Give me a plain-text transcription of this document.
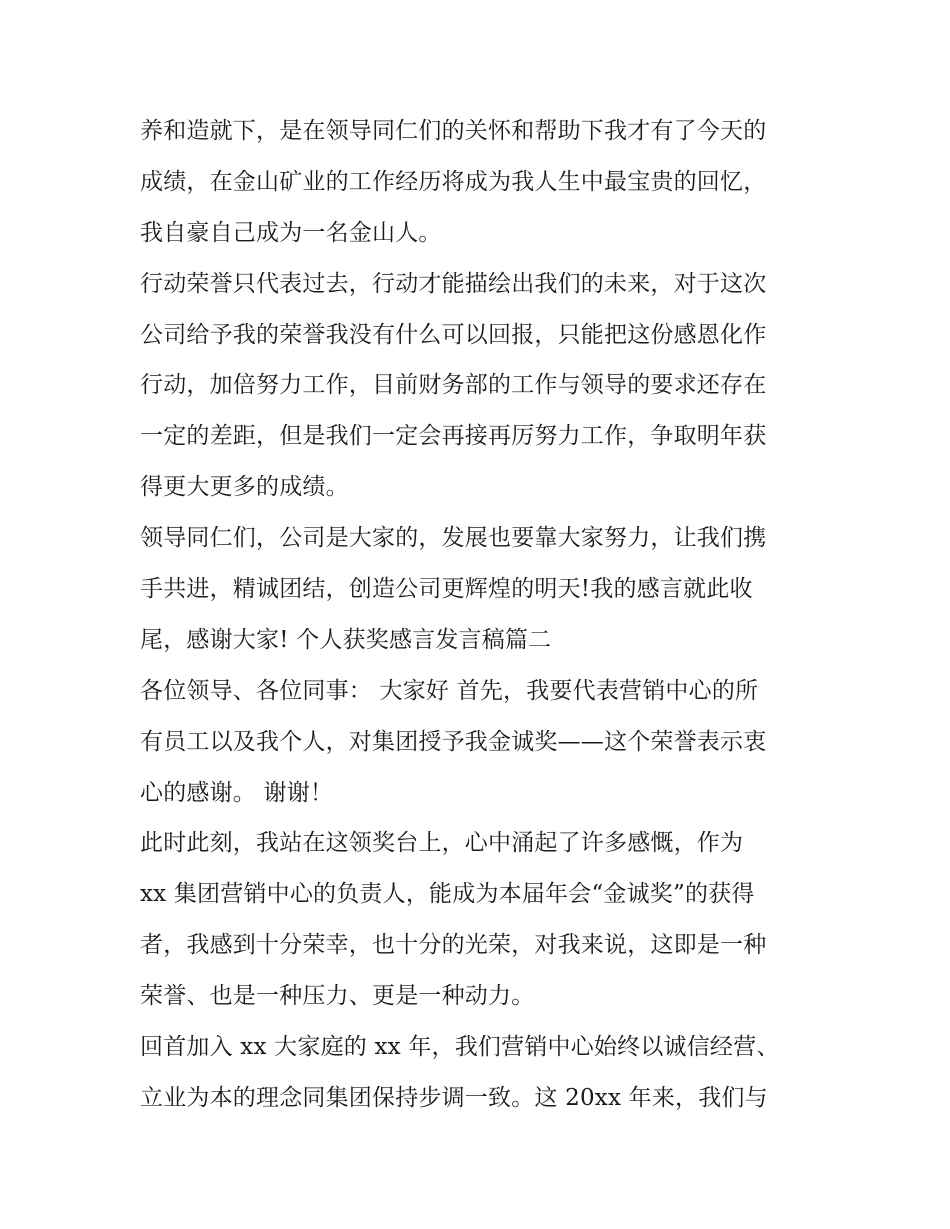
养和造就下，是在领导同仁们的关怀和帮助下我才有了今天的
成绩，在金山矿业的工作经历将成为我人生中最宝贵的回忆，
我自豪自己成为一名金山人。
行动荣誉只代表过去，行动才能描绘出我们的未来，对于这次
公司给予我的荣誉我没有什么可以回报，只能把这份感恩化作
行动，加倍努力工作，目前财务部的工作与领导的要求还存在
一定的差距，但是我们一定会再接再厉努力工作，争取明年获
得更大更多的成绩。
领导同仁们，公司是大家的，发展也要靠大家努力，让我们携
手共进，精诚团结，创造公司更辉煌的明天!我的感言就此收
尾，感谢大家! 个人获奖感言发言稿篇二
各位领导、各位同事： 大家好 首先，我要代表营销中心的所
有员工以及我个人，对集团授予我金诚奖——这个荣誉表示衷
心的感谢。 谢谢！
此时此刻，我站在这领奖台上，心中涌起了许多感慨，作为
xx 集团营销中心的负责人，能成为本届年会“金诚奖”的获得
者，我感到十分荣幸，也十分的光荣，对我来说，这即是一种
荣誉、也是一种压力、更是一种动力。
回首加入 xx 大家庭的 xx 年，我们营销中心始终以诚信经营、
立业为本的理念同集团保持步调一致。这 20xx 年来，我们与
